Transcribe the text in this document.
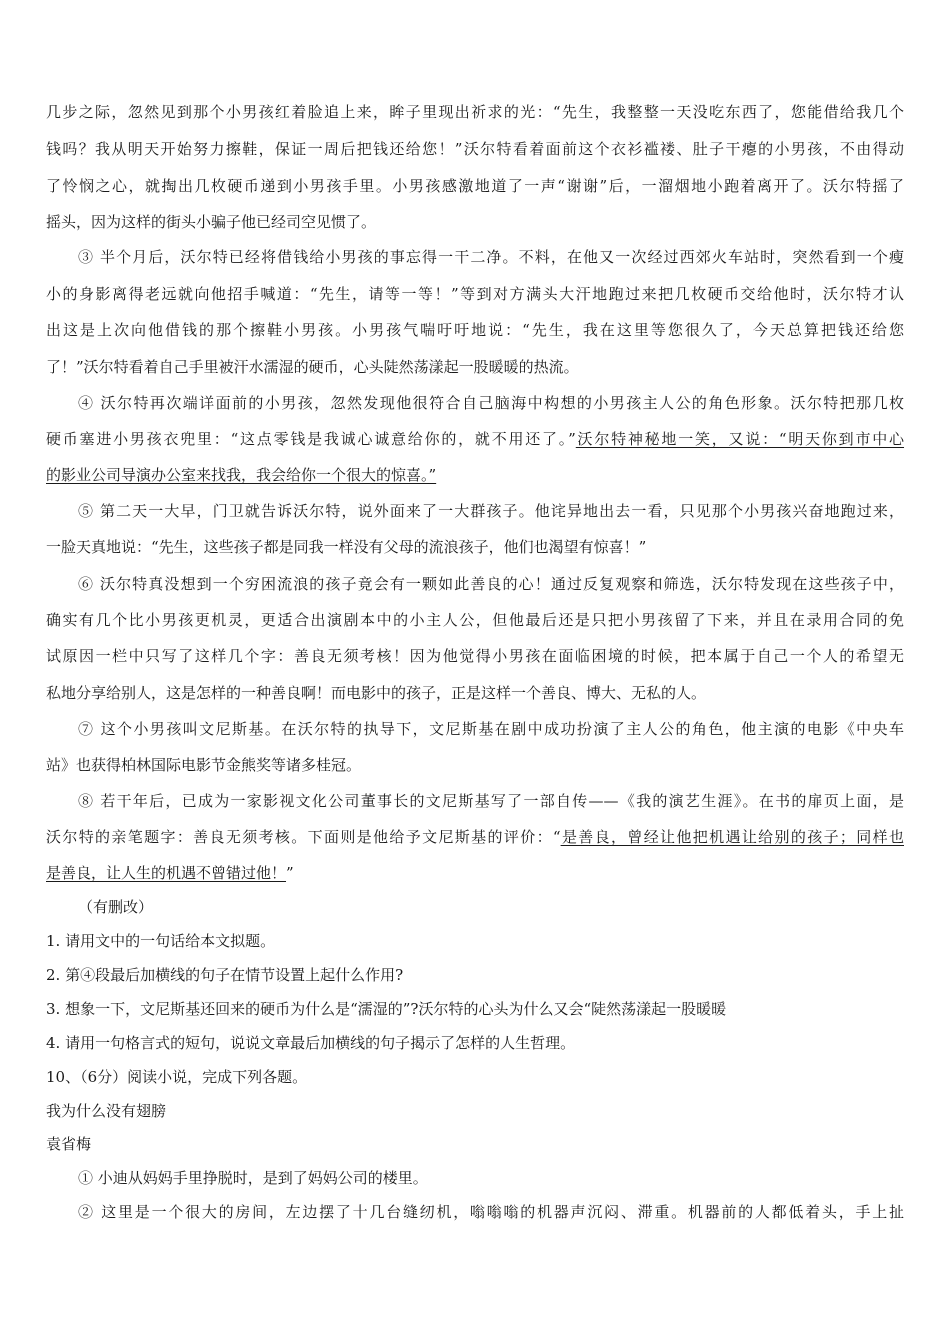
几步之际，忽然见到那个小男孩红着脸追上来，眸子里现出祈求的光：“先生，我整整一天没吃东西了，您能借给我几个
钱吗？我从明天开始努力擦鞋，保证一周后把钱还给您！”沃尔特看着面前这个衣衫褴褛、肚子干瘪的小男孩，不由得动
了怜悯之心，就掏出几枚硬币递到小男孩手里。小男孩感激地道了一声“谢谢”后，一溜烟地小跑着离开了。沃尔特摇了
摇头，因为这样的街头小骗子他已经司空见惯了。
③ 半个月后，沃尔特已经将借钱给小男孩的事忘得一干二净。不料，在他又一次经过西郊火车站时，突然看到一个瘦
小的身影离得老远就向他招手喊道：“先生，请等一等！”等到对方满头大汗地跑过来把几枚硬币交给他时，沃尔特才认
出这是上次向他借钱的那个擦鞋小男孩。小男孩气喘吁吁地说：“先生，我在这里等您很久了，今天总算把钱还给您
了！”沃尔特看着自己手里被汗水濡湿的硬币，心头陡然荡漾起一股暖暖的热流。
④ 沃尔特再次端详面前的小男孩，忽然发现他很符合自己脑海中构想的小男孩主人公的角色形象。沃尔特把那几枚
硬币塞进小男孩衣兜里：“这点零钱是我诚心诚意给你的，就不用还了。”沃尔特神秘地一笑，又说：“明天你到市中心
的影业公司导演办公室来找我，我会给你一个很大的惊喜。”
⑤ 第二天一大早，门卫就告诉沃尔特，说外面来了一大群孩子。他诧异地出去一看，只见那个小男孩兴奋地跑过来，
一脸天真地说：“先生，这些孩子都是同我一样没有父母的流浪孩子，他们也渴望有惊喜！”
⑥ 沃尔特真没想到一个穷困流浪的孩子竟会有一颗如此善良的心！通过反复观察和筛选，沃尔特发现在这些孩子中，
确实有几个比小男孩更机灵，更适合出演剧本中的小主人公，但他最后还是只把小男孩留了下来，并且在录用合同的免
试原因一栏中只写了这样几个字：善良无须考核！因为他觉得小男孩在面临困境的时候，把本属于自己一个人的希望无
私地分享给别人，这是怎样的一种善良啊！而电影中的孩子，正是这样一个善良、博大、无私的人。
⑦ 这个小男孩叫文尼斯基。在沃尔特的执导下，文尼斯基在剧中成功扮演了主人公的角色，他主演的电影《中央车
站》也获得柏林国际电影节金熊奖等诸多桂冠。
⑧ 若干年后，已成为一家影视文化公司董事长的文尼斯基写了一部自传——《我的演艺生涯》。在书的扉页上面，是
沃尔特的亲笔题字：善良无须考核。下面则是他给予文尼斯基的评价：“是善良，曾经让他把机遇让给别的孩子；同样也
是善良，让人生的机遇不曾错过他！”
（有删改）
1. 请用文中的一句话给本文拟题。
2. 第④段最后加横线的句子在情节设置上起什么作用?
3. 想象一下，文尼斯基还回来的硬币为什么是“濡湿的”?沃尔特的心头为什么又会“陡然荡漾起一股暖暖
4. 请用一句格言式的短句，说说文章最后加横线的句子揭示了怎样的人生哲理。
10、（6分）阅读小说，完成下列各题。
我为什么没有翅膀
袁省梅
① 小迪从妈妈手里挣脱时，是到了妈妈公司的楼里。
② 这里是一个很大的房间，左边摆了十几台缝纫机，嗡嗡嗡的机器声沉闷、滞重。机器前的人都低着头，手上扯
